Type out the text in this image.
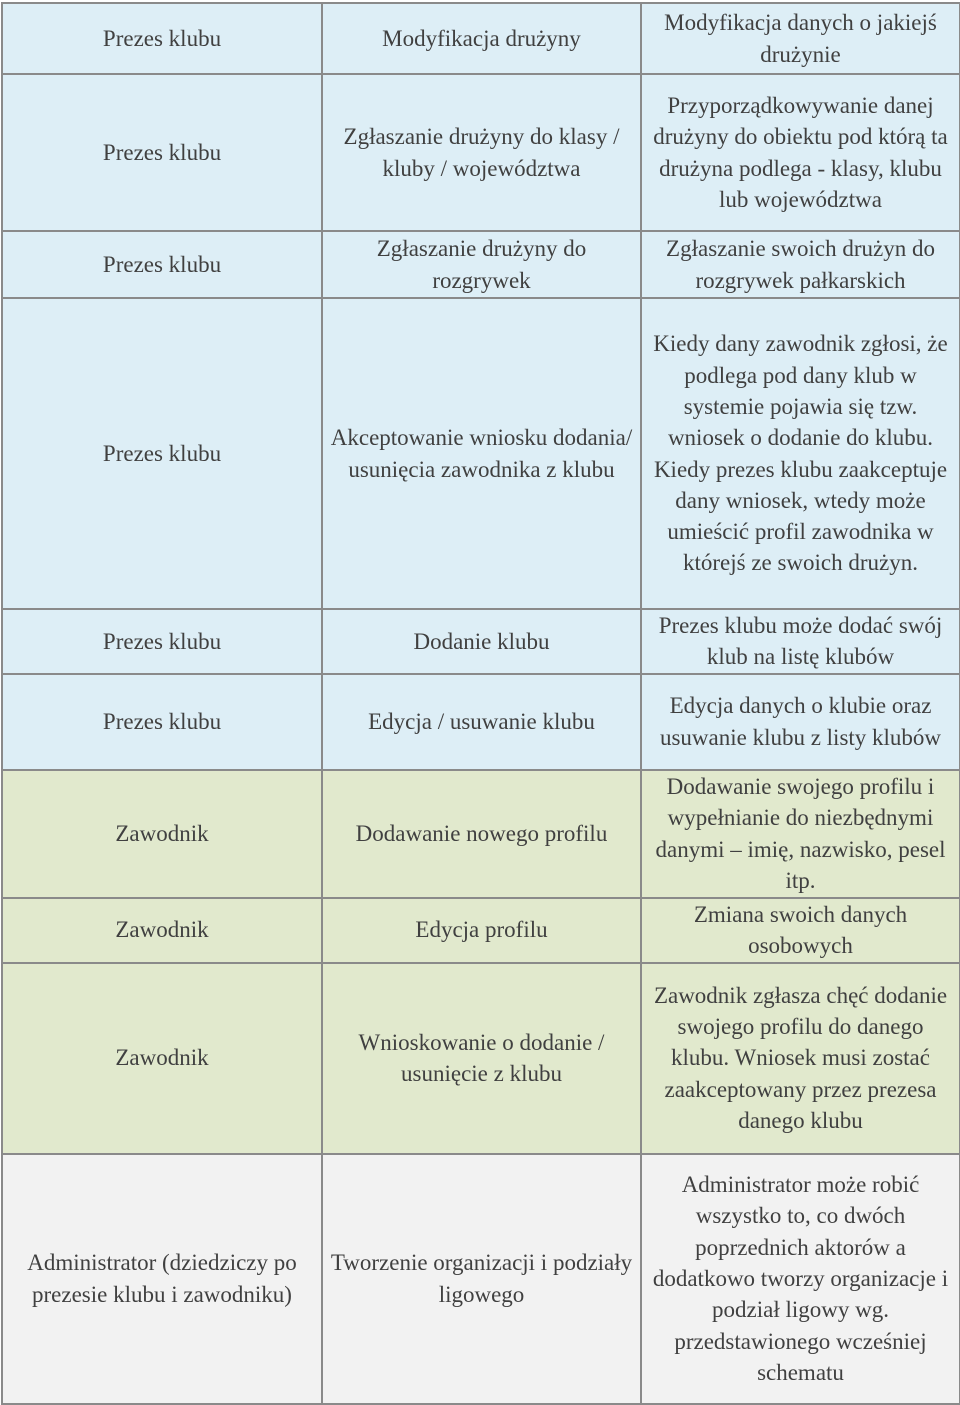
Prezes klubu	Modyfikacja drużyny	Modyfikacja danych o jakiejś drużynie
Prezes klubu	Zgłaszanie drużyny do klasy / kluby / województwa	Przyporządkowywanie danej drużyny do obiektu pod którą ta drużyna podlega - klasy, klubu lub województwa
Prezes klubu	Zgłaszanie drużyny do rozgrywek	Zgłaszanie swoich drużyn do rozgrywek pałkarskich
Prezes klubu	Akceptowanie wniosku dodania/ usunięcia zawodnika z klubu	Kiedy dany zawodnik zgłosi, że podlega pod dany klub w systemie pojawia się tzw. wniosek o dodanie do klubu. Kiedy prezes klubu zaakceptuje dany wniosek, wtedy może umieścić profil zawodnika w którejś ze swoich drużyn.
Prezes klubu	Dodanie klubu	Prezes klubu może dodać swój klub na listę klubów
Prezes klubu	Edycja / usuwanie klubu	Edycja danych o klubie oraz usuwanie klubu z listy klubów
Zawodnik	Dodawanie nowego profilu	Dodawanie swojego profilu i wypełnianie do niezbędnymi danymi – imię, nazwisko, pesel itp.
Zawodnik	Edycja profilu	Zmiana swoich danych osobowych
Zawodnik	Wnioskowanie o dodanie / usunięcie z klubu	Zawodnik zgłasza chęć dodanie swojego profilu do danego klubu. Wniosek musi zostać zaakceptowany przez prezesa danego klubu
Administrator (dziedziczy po prezesie klubu i zawodniku)	Tworzenie organizacji i podziały ligowego	Administrator może robić wszystko to, co dwóch poprzednich aktorów a dodatkowo tworzy organizacje i podział ligowy wg. przedstawionego wcześniej schematu
